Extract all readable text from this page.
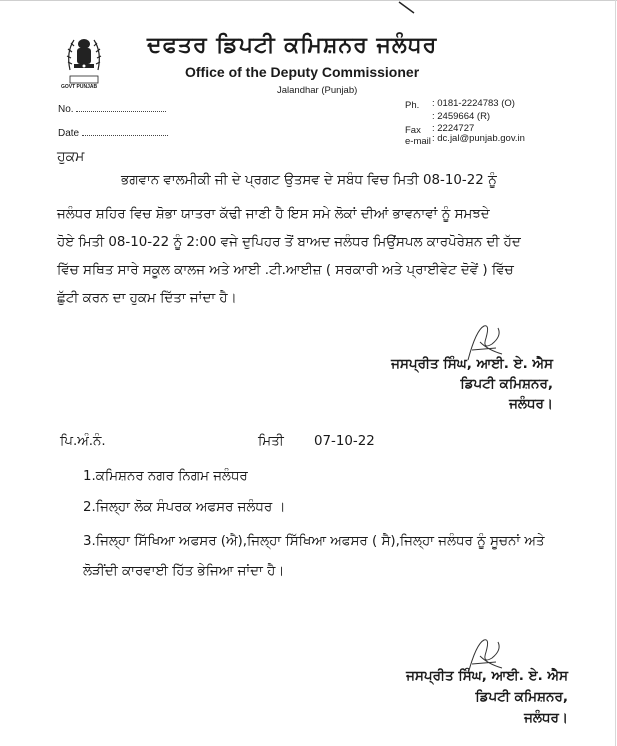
GOVT PUNJAB
ਦਫਤਰ ਡਿਪਟੀ ਕਮਿਸ਼ਨਰ ਜਲੰਧਰ
Office of the Deputy Commissioner
Jalandhar (Punjab)
No.
Date
Ph. : 0181-2224783 (O)
: 2459664 (R)
Fax : 2224727
e-mail : dc.jal@punjab.gov.in
ਹੁਕਮ
ਭਗਵਾਨ ਵਾਲਮੀਕੀ ਜੀ ਦੇ ਪ੍ਰਗਟ ਉਤਸਵ ਦੇ ਸਬੰਧ ਵਿਚ ਮਿਤੀ 08-10-22 ਨੂੰ
ਜਲੰਧਰ ਸ਼ਹਿਰ ਵਿਚ ਸ਼ੋਭਾ ਯਾਤਰਾ ਕੱਢੀ ਜਾਣੀ ਹੈ ਇਸ ਸਮੇ ਲੋਕਾਂ ਦੀਆਂ ਭਾਵਨਾਵਾਂ ਨੂੰ ਸਮਝਦੇ
ਹੋਏ ਮਿਤੀ 08-10-22 ਨੂੰ 2:00 ਵਜੇ ਦੁਪਿਹਰ ਤੋਂ ਬਾਅਦ ਜਲੰਧਰ ਮਿਉਂਸਪਲ ਕਾਰਪੋਰੇਸ਼ਨ ਦੀ ਹੱਦ
ਵਿੱਚ ਸਥਿਤ ਸਾਰੇ ਸਕੂਲ ਕਾਲਜ ਅਤੇ ਆਈ .ਟੀ.ਆਈਜ਼ ( ਸਰਕਾਰੀ ਅਤੇ ਪ੍ਰਾਈਵੇਟ ਦੋਵੇਂ ) ਵਿੱਚ
ਛੁੱਟੀ ਕਰਨ ਦਾ ਹੁਕਮ ਦਿੱਤਾ ਜਾਂਦਾ ਹੈ।
ਜਸਪ੍ਰੀਤ ਸਿੰਘ, ਆਈ. ਏ. ਐਸ
ਡਿਪਟੀ ਕਮਿਸ਼ਨਰ,
ਜਲੰਧਰ।
ਪਿ.ਅੰ.ਨੰ.	ਮਿਤੀ 07-10-22
1.ਕਮਿਸ਼ਨਰ ਨਗਰ ਨਿਗਮ ਜਲੰਧਰ
2.ਜਿਲ੍ਹਾ ਲੋਕ ਸੰਪਰਕ ਅਫਸਰ ਜਲੰਧਰ ।
3.ਜਿਲ੍ਹਾ ਸਿੱਖਿਆ ਅਫਸਰ (ਐ),ਜਿਲ੍ਹਾ ਸਿੱਖਿਆ ਅਫਸਰ ( ਸੈ),ਜਿਲ੍ਹਾ ਜਲੰਧਰ ਨੂੰ ਸੂਚਨਾਂ ਅਤੇ
ਲੋੜੀਂਦੀ ਕਾਰਵਾਈ ਹਿੱਤ ਭੇਜਿਆ ਜਾਂਦਾ ਹੈ।
ਜਸਪ੍ਰੀਤ ਸਿੰਘ, ਆਈ. ਏ. ਐਸ
ਡਿਪਟੀ ਕਮਿਸ਼ਨਰ,
ਜਲੰਧਰ।
